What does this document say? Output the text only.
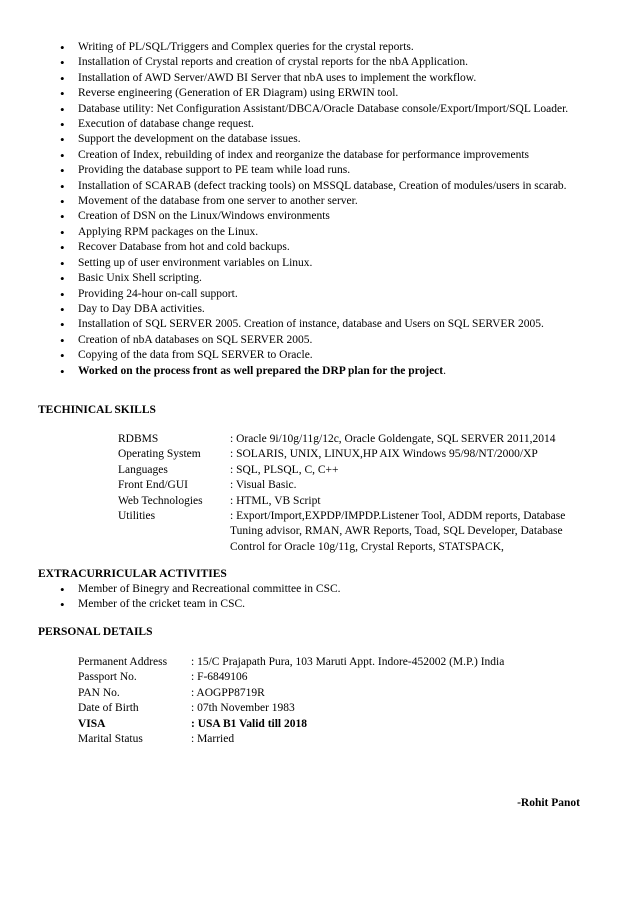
• Writing of PL/SQL/Triggers and Complex queries for the crystal reports.
• Installation of Crystal reports and creation of crystal reports for the nbA Application.
• Installation of AWD Server/AWD BI Server that nbA uses to implement the workflow.
• Reverse engineering (Generation of ER Diagram) using ERWIN tool.
• Database utility: Net Configuration Assistant/DBCA/Oracle Database console/Export/Import/SQL Loader.
• Execution of database change request.
• Support the development on the database issues.
• Creation of Index, rebuilding of index and reorganize the database for performance improvements
• Providing the database support to PE team while load runs.
• Installation of SCARAB (defect tracking tools) on MSSQL database, Creation of modules/users in scarab.
• Movement of the database from one server to another server.
• Creation of DSN on the Linux/Windows environments
• Applying RPM packages on the Linux.
• Recover Database from hot and cold backups.
• Setting up of user environment variables on Linux.
• Basic Unix Shell scripting.
• Providing 24-hour on-call support.
• Day to Day DBA activities.
• Installation of SQL SERVER 2005. Creation of instance, database and Users on SQL SERVER 2005.
• Creation of nbA databases on SQL SERVER 2005.
• Copying of the data from SQL SERVER to Oracle.
• Worked on the process front as well prepared the DRP plan for the project.
TECHINICAL SKILLS
RDBMS	: Oracle 9i/10g/11g/12c, Oracle Goldengate, SQL SERVER 2011,2014
Operating System	: SOLARIS, UNIX, LINUX,HP AIX Windows 95/98/NT/2000/XP
Languages	: SQL, PLSQL, C, C++
Front End/GUI	: Visual Basic.
Web Technologies : HTML, VB Script
Utilities	: Export/Import,EXPDP/IMPDP.Listener Tool, ADDM reports, Database
Tuning advisor, RMAN, AWR Reports, Toad, SQL Developer, Database
Control for Oracle 10g/11g, Crystal Reports, STATSPACK,
EXTRACURRICULAR ACTIVITIES
• Member of Binegry and Recreational committee in CSC.
• Member of the cricket team in CSC.
PERSONAL DETAILS
Permanent Address : 15/C Prajapath Pura, 103 Maruti Appt. Indore-452002 (M.P.) India
Passport No.	: F-6849106
PAN No.	: AOGPP8719R
Date of Birth	: 07th November 1983
VISA	: USA B1 Valid till 2018
Marital Status	: Married
-Rohit Panot
